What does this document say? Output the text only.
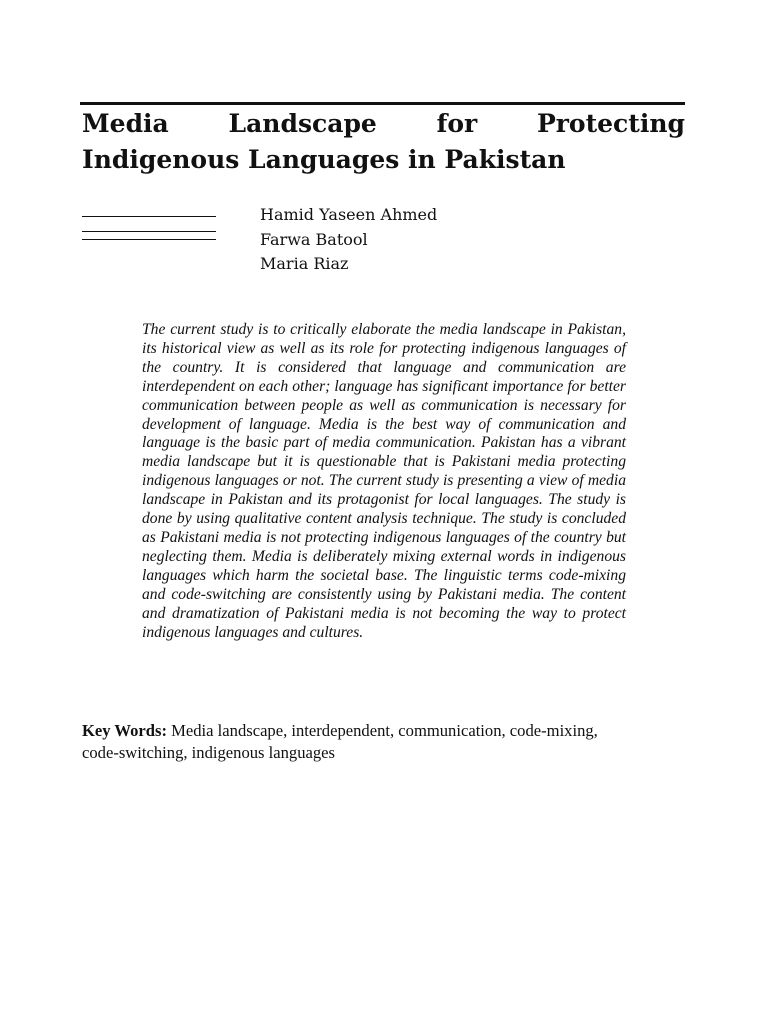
Media Landscape for Protecting
Indigenous Languages in Pakistan
Hamid Yaseen Ahmed
Farwa Batool
Maria Riaz

The current study is to critically elaborate the media landscape in Pakistan, its historical view as well as its role for protecting indigenous languages of the country. It is considered that language and communication are interdependent on each other; language has significant importance for better communication between people as well as communication is necessary for development of language. Media is the best way of communication and language is the basic part of media communication. Pakistan has a vibrant media landscape but it is questionable that is Pakistani media protecting indigenous languages or not. The current study is presenting a view of media landscape in Pakistan and its protagonist for local languages. The study is done by using qualitative content analysis technique. The study is concluded as Pakistani media is not protecting indigenous languages of the country but neglecting them. Media is deliberately mixing external words in indigenous languages which harm the societal base. The linguistic terms code-mixing and code-switching are consistently using by Pakistani media. The content and dramatization of Pakistani media is not becoming the way to protect indigenous languages and cultures.

Key Words: Media landscape, interdependent, communication, code-mixing, code-switching, indigenous languages
